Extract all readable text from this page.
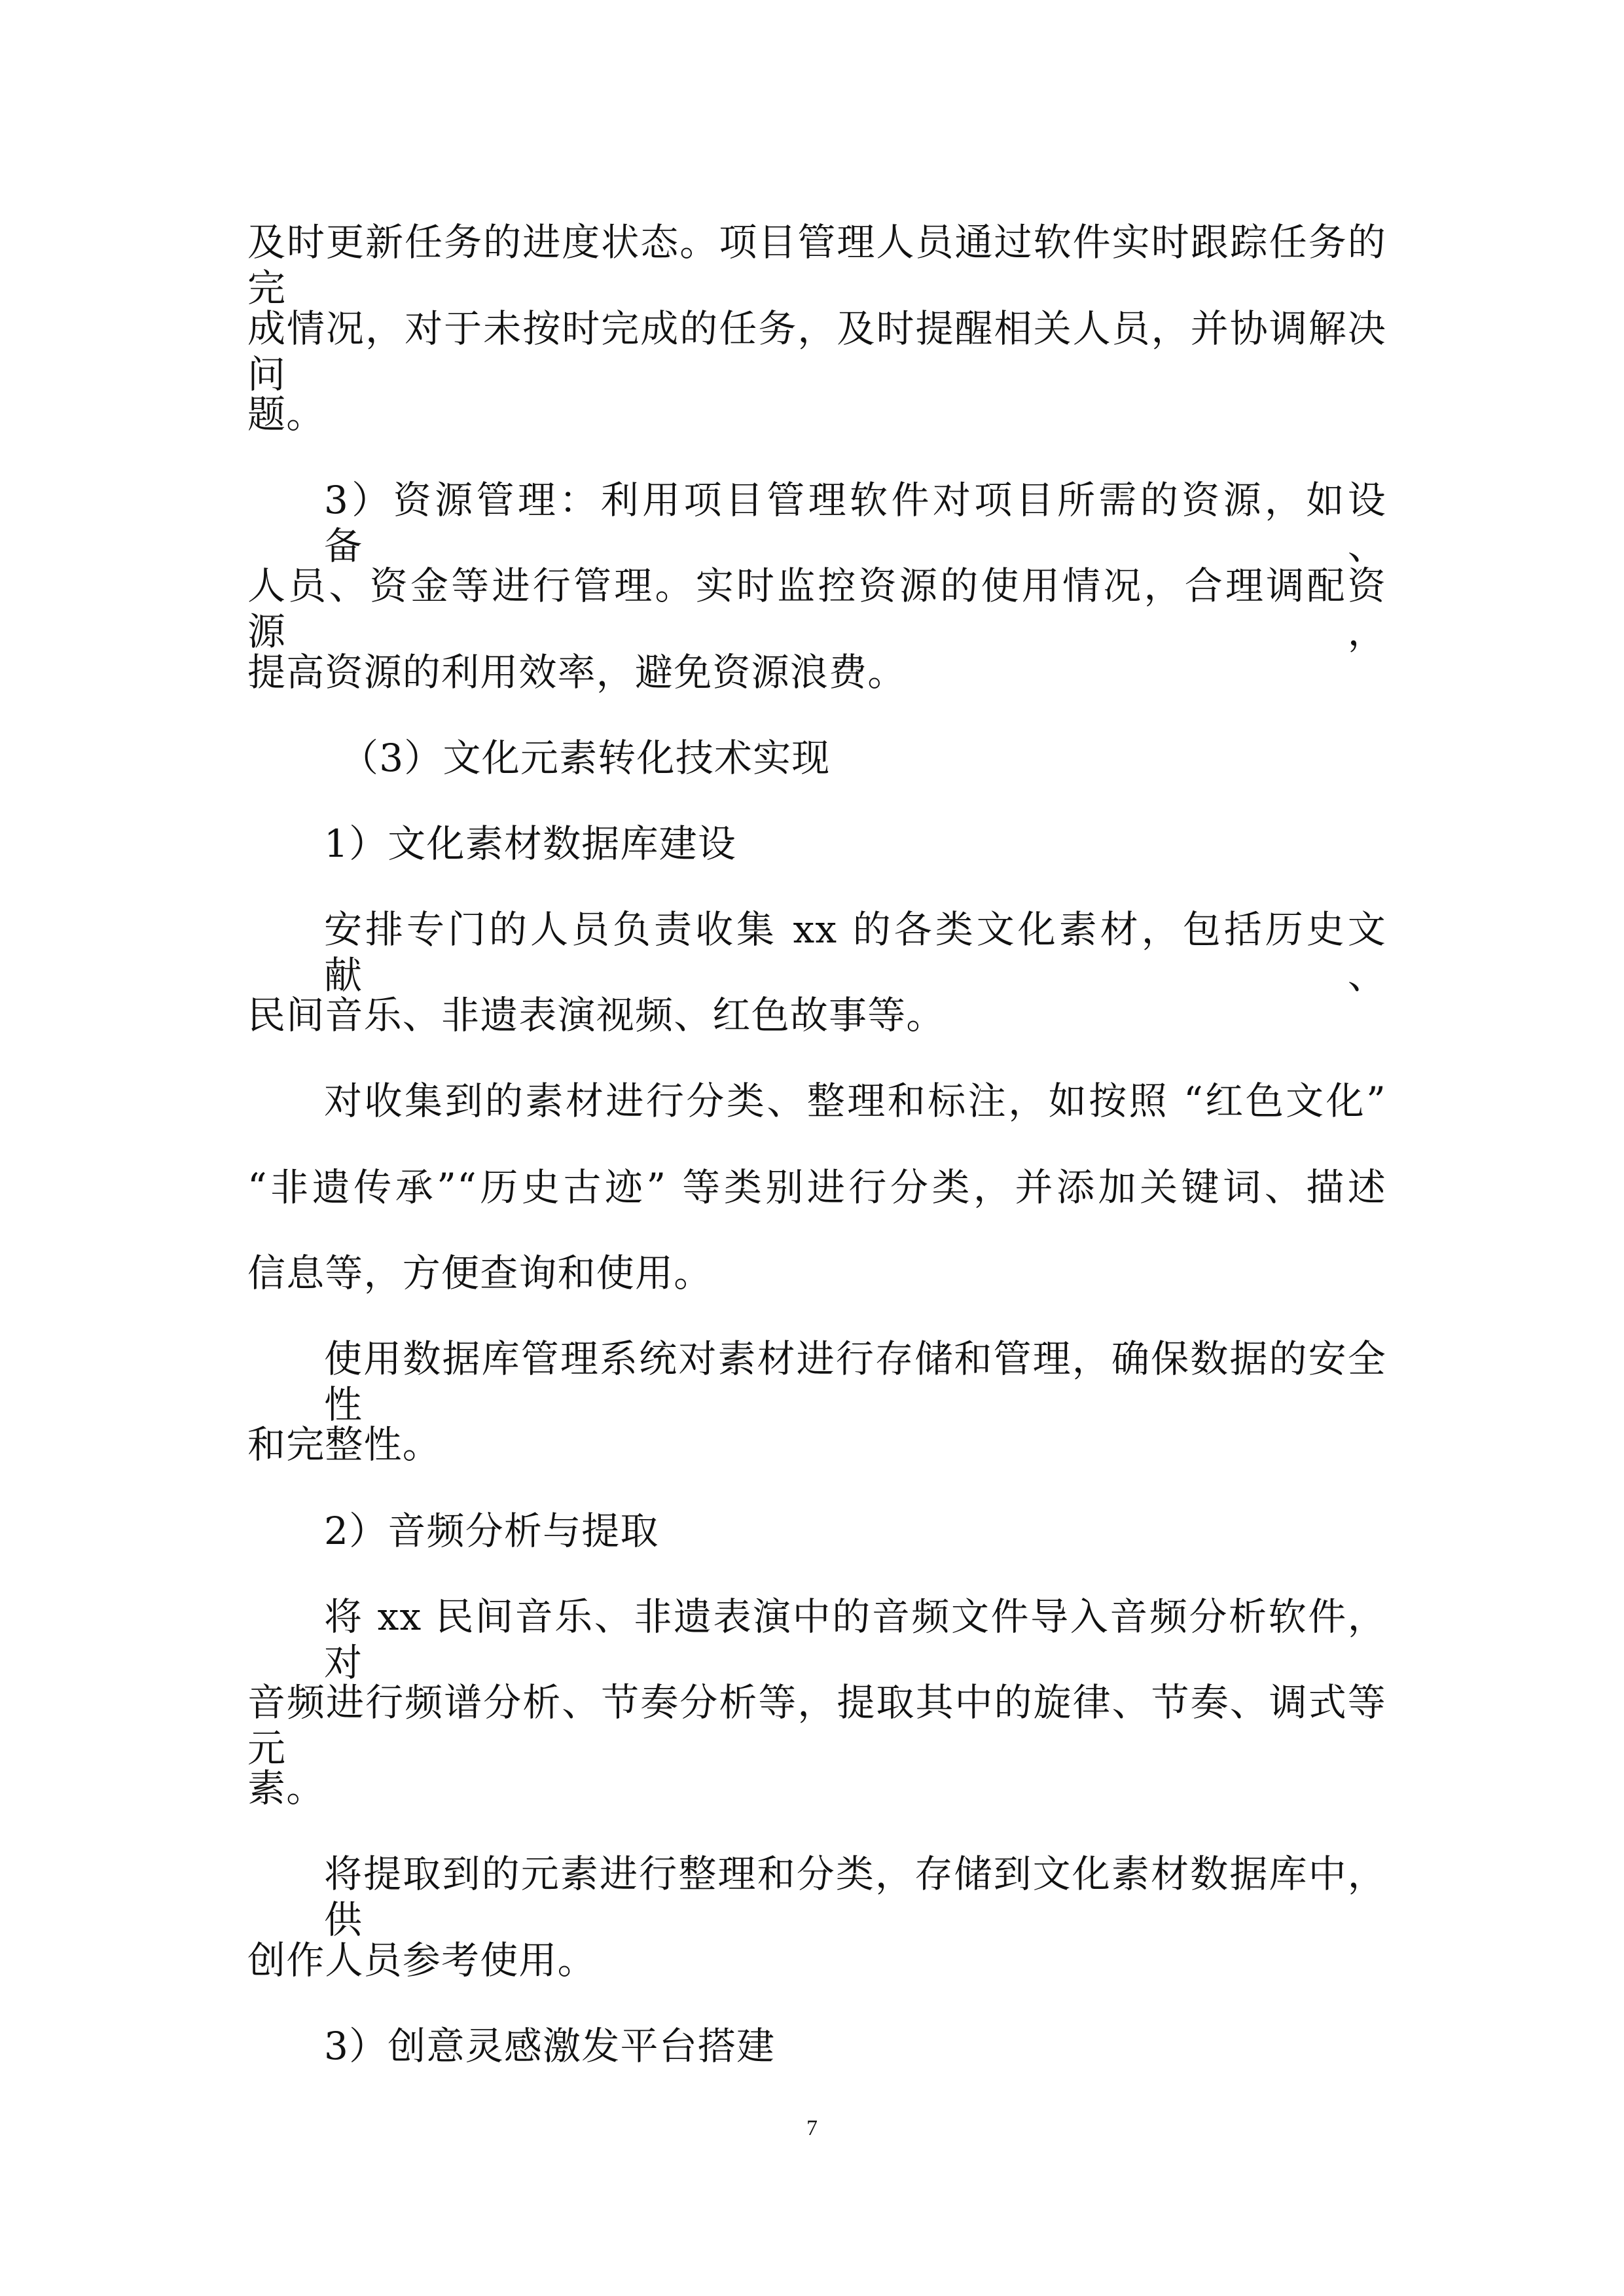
及时更新任务的进度状态。项目管理人员通过软件实时跟踪任务的完
成情况，对于未按时完成的任务，及时提醒相关人员，并协调解决问
题。
3）资源管理：利用项目管理软件对项目所需的资源，如设备、
人员、资金等进行管理。实时监控资源的使用情况，合理调配资源，
提高资源的利用效率，避免资源浪费。
（3）文化元素转化技术实现
1）文化素材数据库建设
安排专门的人员负责收集 xx 的各类文化素材，包括历史文献、
民间音乐、非遗表演视频、红色故事等。
对收集到的素材进行分类、整理和标注，如按照 “红色文化”
“非遗传承”“历史古迹” 等类别进行分类，并添加关键词、描述
信息等，方便查询和使用。
使用数据库管理系统对素材进行存储和管理，确保数据的安全性
和完整性。
2）音频分析与提取
将 xx 民间音乐、非遗表演中的音频文件导入音频分析软件，对
音频进行频谱分析、节奏分析等，提取其中的旋律、节奏、调式等元
素。
将提取到的元素进行整理和分类，存储到文化素材数据库中，供
创作人员参考使用。
3）创意灵感激发平台搭建
7
